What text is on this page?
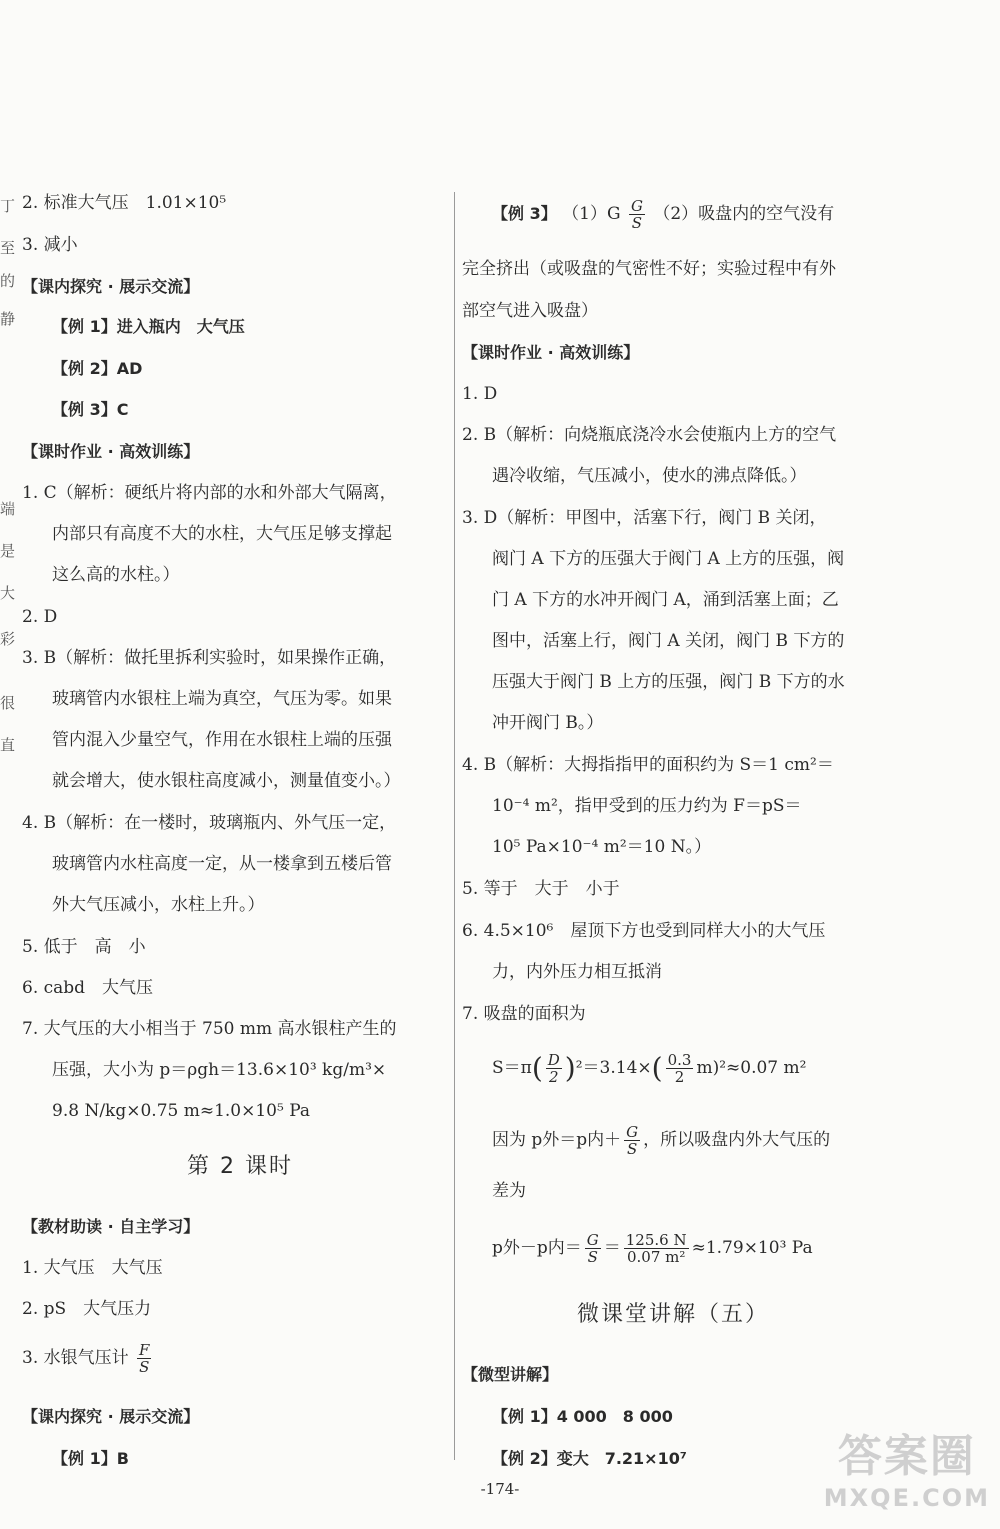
丁
至
的
静
端
是
大
彩
很
直
2. 标准大气压　1.01×10⁵
3. 减小
【课内探究 · 展示交流】
【例 1】进入瓶内　大气压
【例 2】AD
【例 3】C
【课时作业 · 高效训练】
1. C（解析：硬纸片将内部的水和外部大气隔离，
内部只有高度不大的水柱，大气压足够支撑起
这么高的水柱。）
2. D
3. B（解析：做托里拆利实验时，如果操作正确，
玻璃管内水银柱上端为真空，气压为零。如果
管内混入少量空气，作用在水银柱上端的压强
就会增大，使水银柱高度减小，测量值变小。）
4. B（解析：在一楼时，玻璃瓶内、外气压一定，
玻璃管内水柱高度一定，从一楼拿到五楼后管
外大气压减小，水柱上升。）
5. 低于　高　小
6. cabd　大气压
7. 大气压的大小相当于 750 mm 高水银柱产生的
压强，大小为 p＝ρgh＝13.6×10³ kg/m³×
9.8 N/kg×0.75 m≈1.0×10⁵ Pa
第 2 课时
【教材助读 · 自主学习】
1. 大气压　大气压
2. pS　大气压力
3. 水银气压计 $\frac{F}{S}$
【课内探究 · 展示交流】
【例 1】B
【例 3】 $(1)G \frac{G}{S} (2)$吸盘内的空气没有
完全挤出（或吸盘的气密性不好；实验过程中有外
部空气进入吸盘）
【课时作业 · 高效训练】
1. D
2. B（解析：向烧瓶底浇冷水会使瓶内上方的空气
遇冷收缩，气压减小，使水的沸点降低。）
3. D（解析：甲图中，活塞下行，阀门 B 关闭，
阀门 A 下方的压强大于阀门 A 上方的压强，阀
门 A 下方的水冲开阀门 A，涌到活塞上面；乙
图中，活塞上行，阀门 A 关闭，阀门 B 下方的
压强大于阀门 B 上方的压强，阀门 B 下方的水
冲开阀门 B。）
4. B（解析：大拇指指甲的面积约为 S＝1 cm²＝
10⁻⁴ m²，指甲受到的压力约为 F＝pS＝
10⁵ Pa×10⁻⁴ m²＝10 N。）
5. 等于　大于　小于
6. 4.5×10⁶　屋顶下方也受到同样大小的大气压
力，内外压力相互抵消
7. 吸盘的面积为
$S=\pi( \frac{D}{2} )^2=3.14\times( \frac{0.3}{2} m)^2\approx 0.07$ m²
因为 p外＝p内＋ $\frac{G}{S}$ ，所以吸盘内外大气压的
差为
p外－p内＝ $\frac{G}{S} = \frac{125.6 N}{\text{0.07 m²}} \approx 1.79\times 10^3$ Pa
微课堂讲解（五）
【微型讲解】
【例 1】4 000　8 000
【例 2】变大　7.21×10⁷
-174-
答案圈
MXQE.COM
